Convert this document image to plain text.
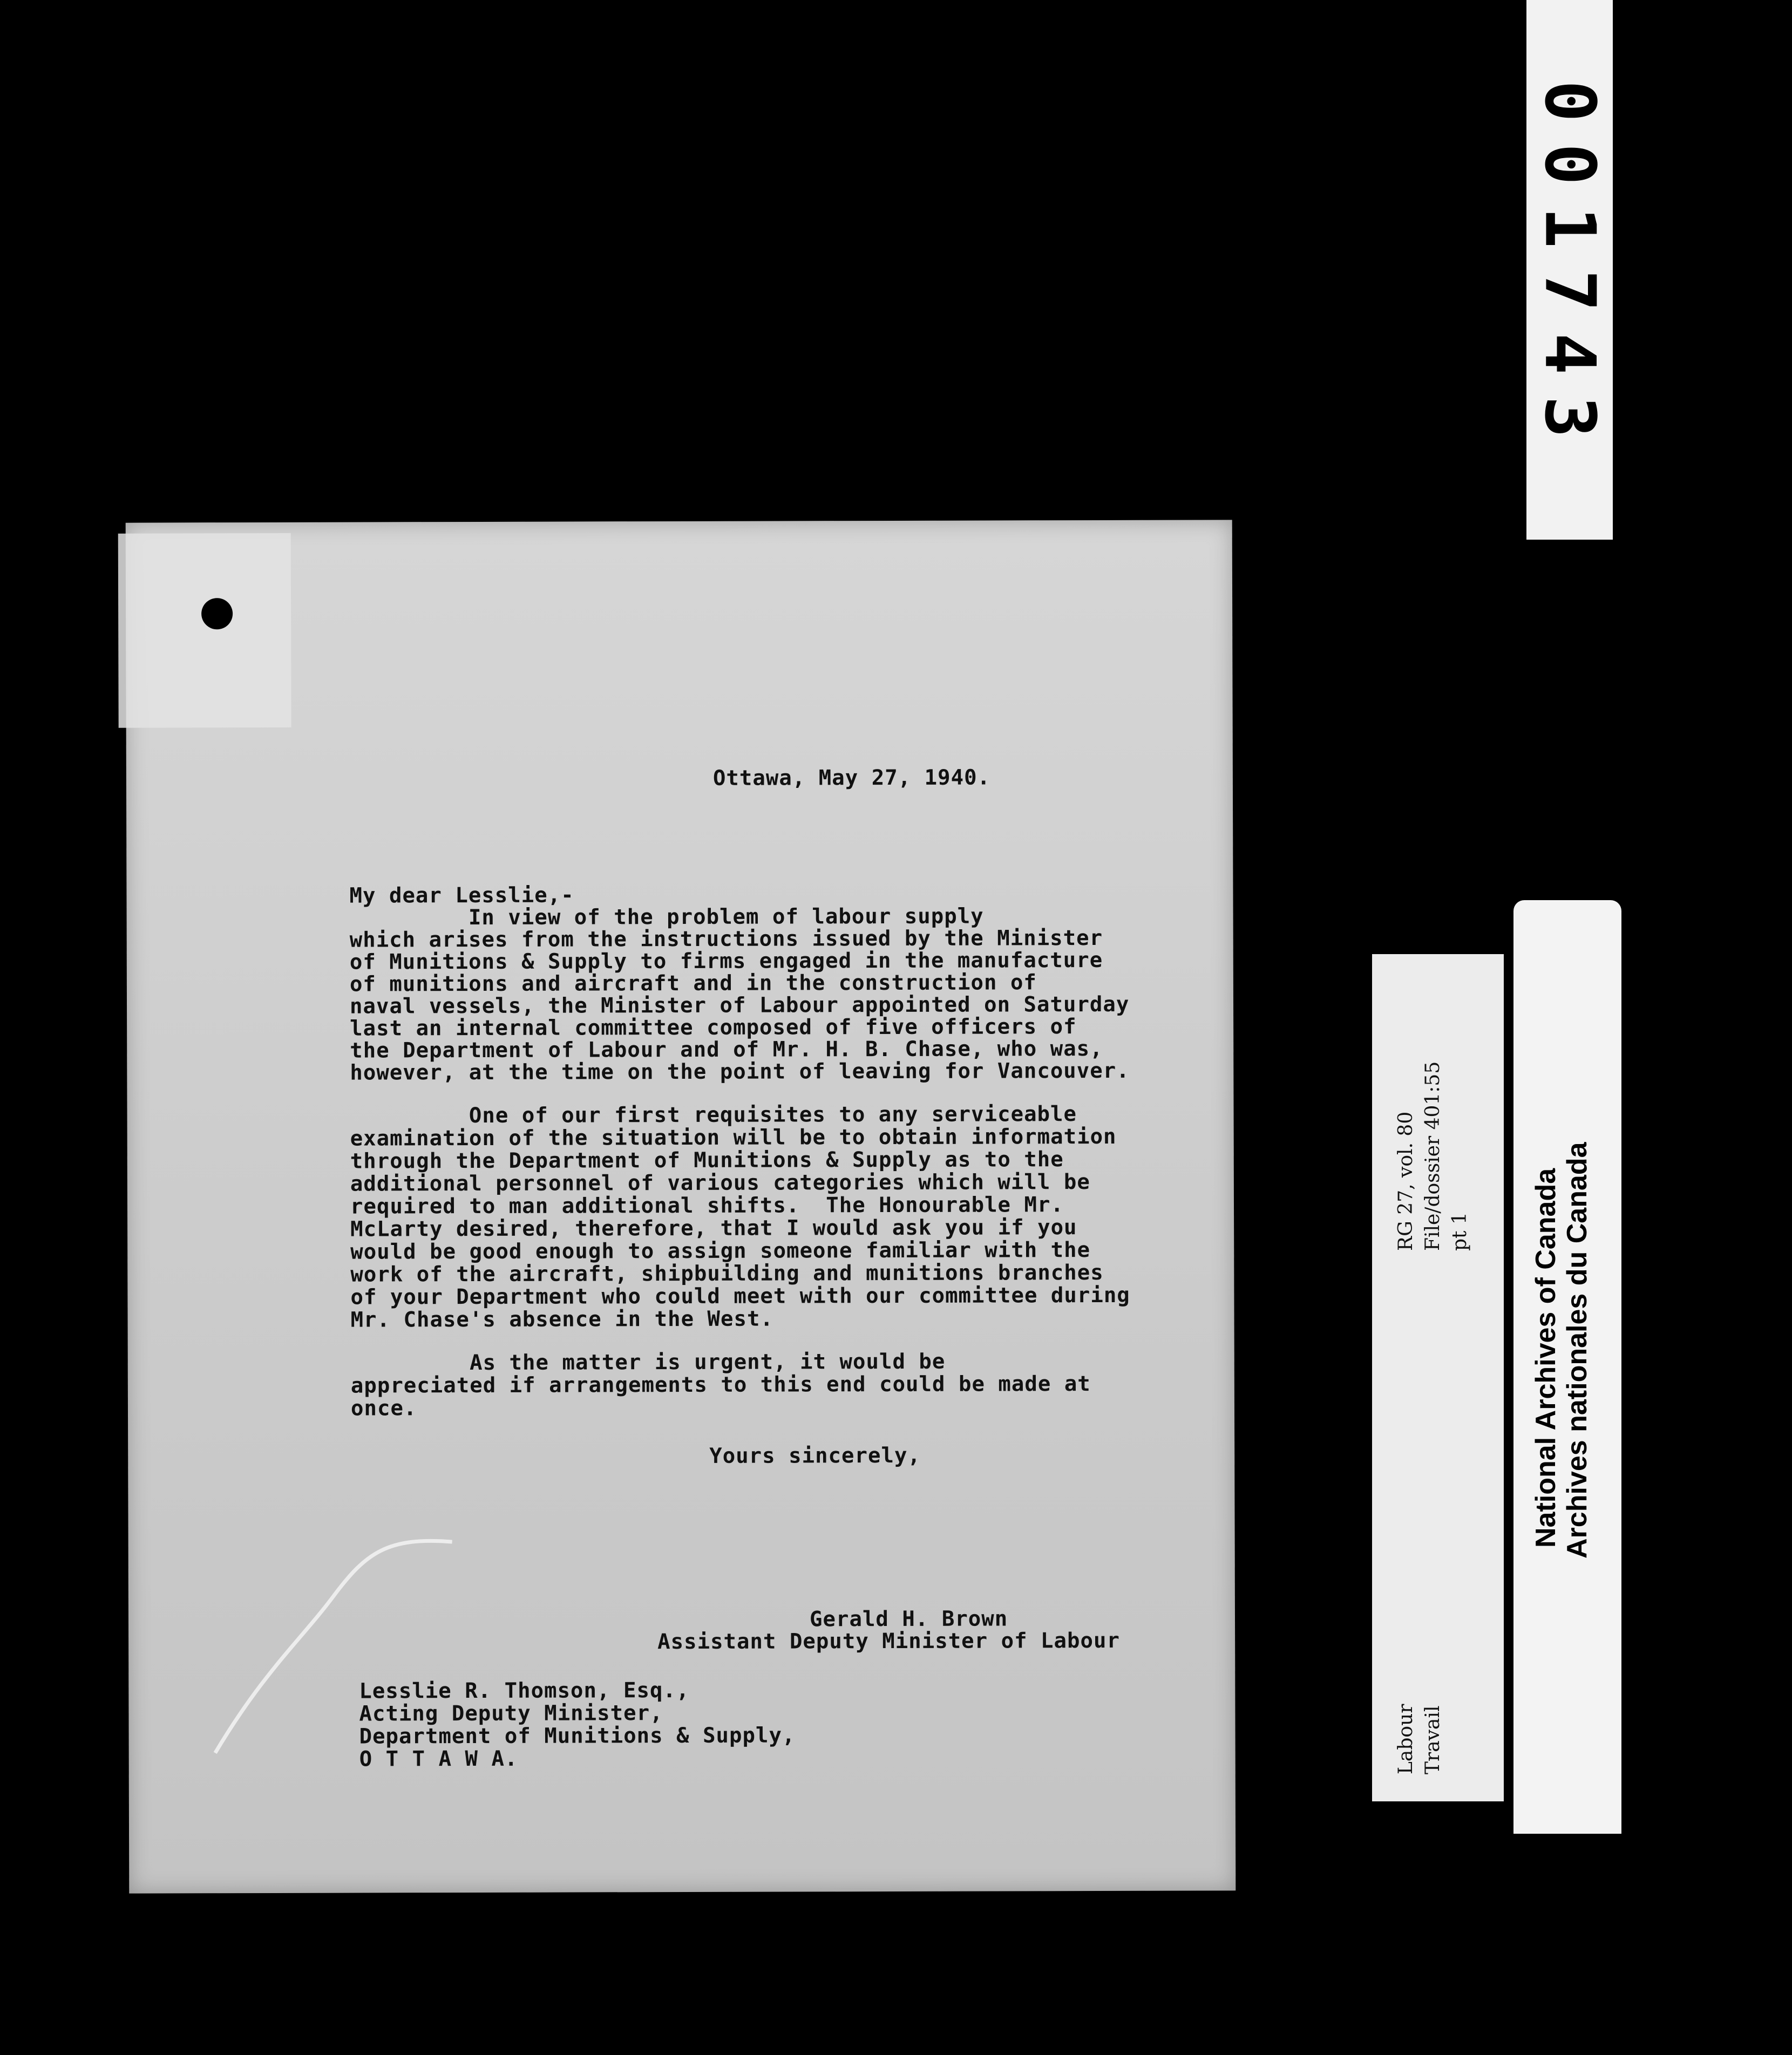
001743
Ottawa, May 27, 1940.
My dear Lesslie,-
In view of the problem of labour supply
which arises from the instructions issued by the Minister
of Munitions & Supply to firms engaged in the manufacture
of munitions and aircraft and in the construction of
naval vessels, the Minister of Labour appointed on Saturday
last an internal committee composed of five officers of
the Department of Labour and of Mr. H. B. Chase, who was,
however, at the time on the point of leaving for Vancouver.
One of our first requisites to any serviceable
examination of the situation will be to obtain information
through the Department of Munitions & Supply as to the
additional personnel of various categories which will be
required to man additional shifts.  The Honourable Mr.
McLarty desired, therefore, that I would ask you if you
would be good enough to assign someone familiar with the
work of the aircraft, shipbuilding and munitions branches
of your Department who could meet with our committee during
Mr. Chase's absence in the West.
As the matter is urgent, it would be
appreciated if arrangements to this end could be made at
once.
Yours sincerely,
Gerald H. Brown
Assistant Deputy Minister of Labour
Lesslie R. Thomson, Esq.,
Acting Deputy Minister,
Department of Munitions & Supply,
O T T A W A.
RG 27, vol. 80 File/dossier 401:55 pt 1
Labour Travail
National Archives of Canada Archives nationales du Canada
